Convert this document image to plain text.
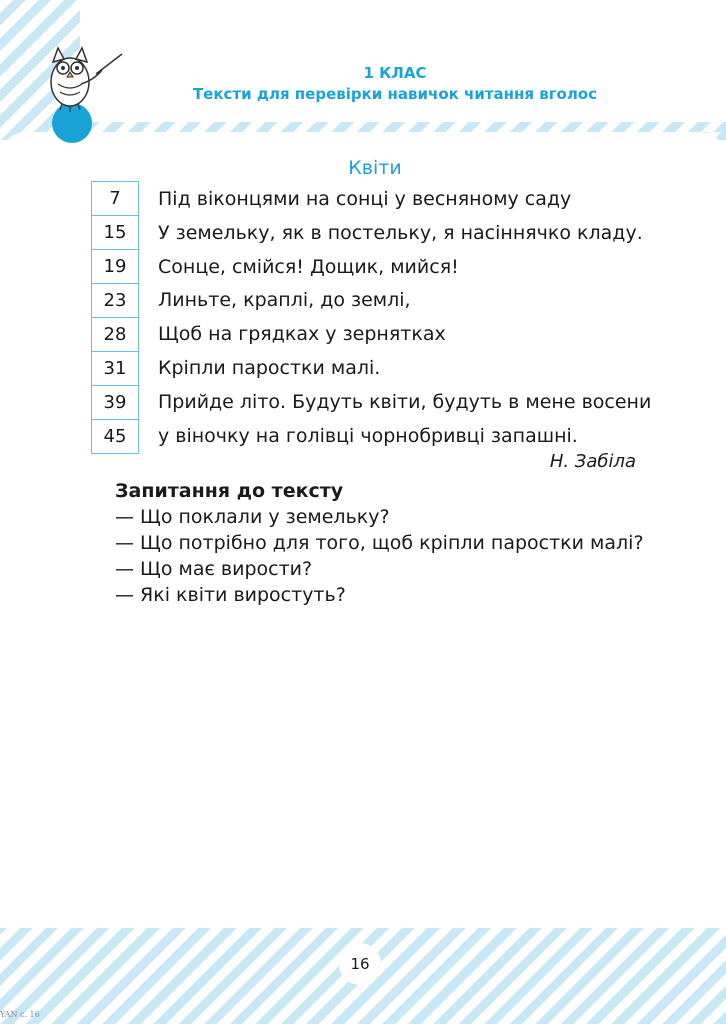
1 КЛАС
Тексти для перевірки навичок читання вголос
Квіти
7
15
19
23
28
31
39
45
Під віконцями на сонці у весняному саду
У земельку, як в постельку, я насіннячко кладу.
Сонце, смійся! Дощик, мийся!
Линьте, краплі, до землі,
Щоб на грядках у зернятках
Кріпли паростки малі.
Прийде літо. Будуть квіти, будуть в мене восени
у віночку на голівці чорнобривці запашні.
Н. Забіла
Запитання до тексту
— Що поклали у земельку?
— Що потрібно для того, щоб кріпли паростки малі?
— Що має вирости?
— Які квіти виростуть?
16
YAN c. 16
